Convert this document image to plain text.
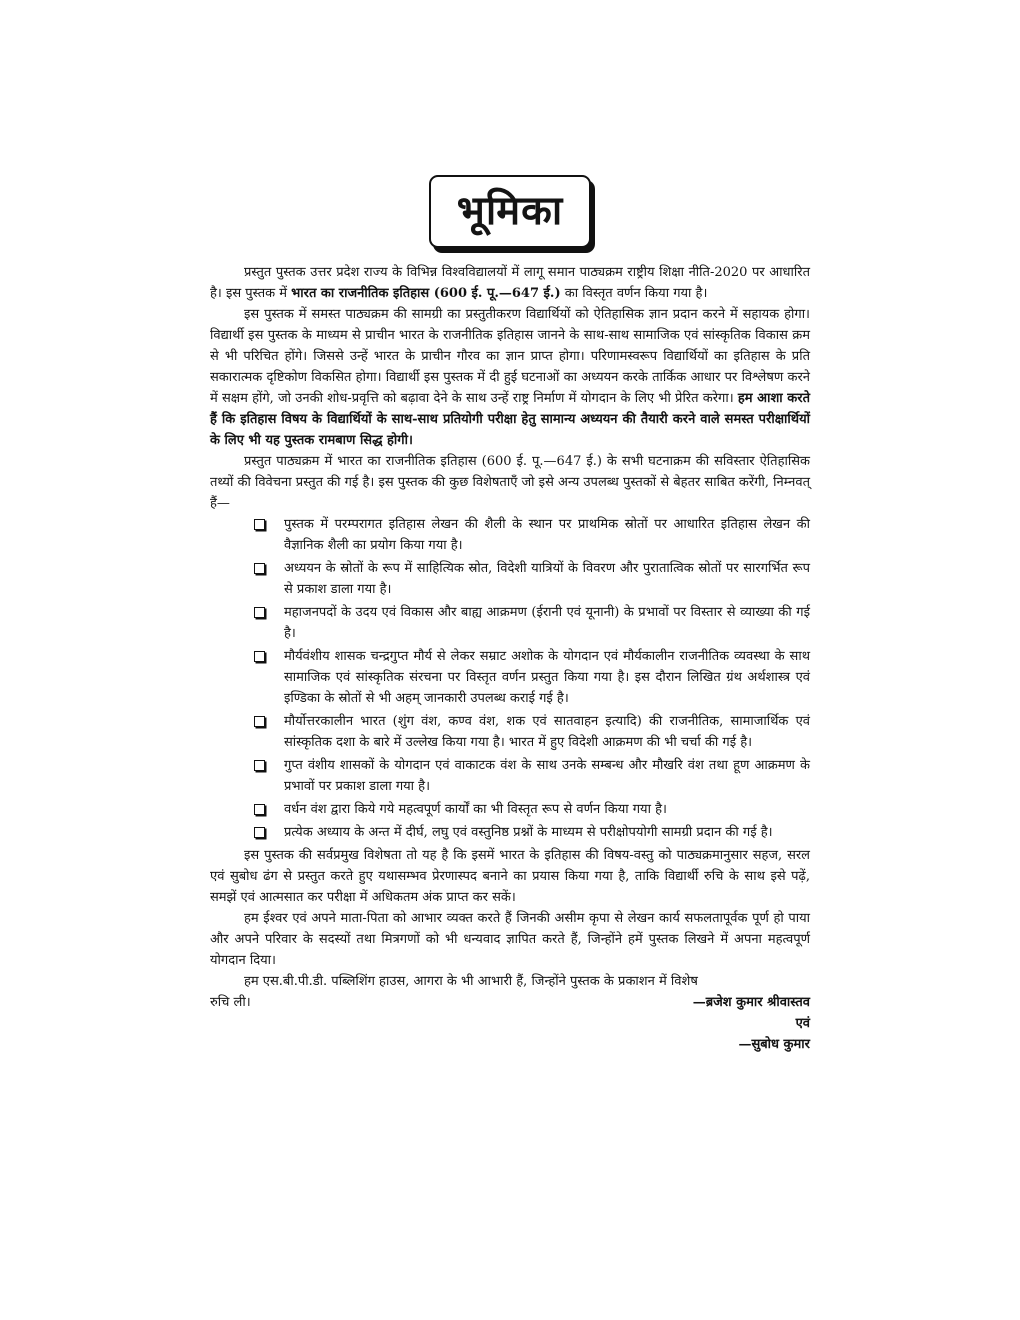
भूमिका

प्रस्तुत पुस्तक उत्तर प्रदेश राज्य के विभिन्न विश्वविद्यालयों में लागू समान पाठ्यक्रम राष्ट्रीय शिक्षा नीति-2020 पर आधारित है। इस पुस्तक में भारत का राजनीतिक इतिहास (600 ई. पू.—647 ई.) का विस्तृत वर्णन किया गया है।

इस पुस्तक में समस्त पाठ्यक्रम की सामग्री का प्रस्तुतीकरण विद्यार्थियों को ऐतिहासिक ज्ञान प्रदान करने में सहायक होगा। विद्यार्थी इस पुस्तक के माध्यम से प्राचीन भारत के राजनीतिक इतिहास जानने के साथ-साथ सामाजिक एवं सांस्कृतिक विकास क्रम से भी परिचित होंगे। जिससे उन्हें भारत के प्राचीन गौरव का ज्ञान प्राप्त होगा। परिणामस्वरूप विद्यार्थियों का इतिहास के प्रति सकारात्मक दृष्टिकोण विकसित होगा। विद्यार्थी इस पुस्तक में दी हुई घटनाओं का अध्ययन करके तार्किक आधार पर विश्लेषण करने में सक्षम होंगे, जो उनकी शोध-प्रवृत्ति को बढ़ावा देने के साथ उन्हें राष्ट्र निर्माण में योगदान के लिए भी प्रेरित करेगा। हम आशा करते हैं कि इतिहास विषय के विद्यार्थियों के साथ-साथ प्रतियोगी परीक्षा हेतु सामान्य अध्ययन की तैयारी करने वाले समस्त परीक्षार्थियों के लिए भी यह पुस्तक रामबाण सिद्ध होगी।

प्रस्तुत पाठ्यक्रम में भारत का राजनीतिक इतिहास (600 ई. पू.—647 ई.) के सभी घटनाक्रम की सविस्तार ऐतिहासिक तथ्यों की विवेचना प्रस्तुत की गई है। इस पुस्तक की कुछ विशेषताएँ जो इसे अन्य उपलब्ध पुस्तकों से बेहतर साबित करेंगी, निम्नवत् हैं—

पुस्तक में परम्परागत इतिहास लेखन की शैली के स्थान पर प्राथमिक स्रोतों पर आधारित इतिहास लेखन की वैज्ञानिक शैली का प्रयोग किया गया है।
अध्ययन के स्रोतों के रूप में साहित्यिक स्रोत, विदेशी यात्रियों के विवरण और पुरातात्विक स्रोतों पर सारगर्भित रूप से प्रकाश डाला गया है।
महाजनपदों के उदय एवं विकास और बाह्य आक्रमण (ईरानी एवं यूनानी) के प्रभावों पर विस्तार से व्याख्या की गई है।
मौर्यवंशीय शासक चन्द्रगुप्त मौर्य से लेकर सम्राट अशोक के योगदान एवं मौर्यकालीन राजनीतिक व्यवस्था के साथ सामाजिक एवं सांस्कृतिक संरचना पर विस्तृत वर्णन प्रस्तुत किया गया है। इस दौरान लिखित ग्रंथ अर्थशास्त्र एवं इण्डिका के स्रोतों से भी अहम् जानकारी उपलब्ध कराई गई है।
मौर्योत्तरकालीन भारत (शुंग वंश, कण्व वंश, शक एवं सातवाहन इत्यादि) की राजनीतिक, सामाजार्थिक एवं सांस्कृतिक दशा के बारे में उल्लेख किया गया है। भारत में हुए विदेशी आक्रमण की भी चर्चा की गई है।
गुप्त वंशीय शासकों के योगदान एवं वाकाटक वंश के साथ उनके सम्बन्ध और मौखरि वंश तथा हूण आक्रमण के प्रभावों पर प्रकाश डाला गया है।
वर्धन वंश द्वारा किये गये महत्वपूर्ण कार्यों का भी विस्तृत रूप से वर्णन किया गया है।
प्रत्येक अध्याय के अन्त में दीर्घ, लघु एवं वस्तुनिष्ठ प्रश्नों के माध्यम से परीक्षोपयोगी सामग्री प्रदान की गई है।

इस पुस्तक की सर्वप्रमुख विशेषता तो यह है कि इसमें भारत के इतिहास की विषय-वस्तु को पाठ्यक्रमानुसार सहज, सरल एवं सुबोध ढंग से प्रस्तुत करते हुए यथासम्भव प्रेरणास्पद बनाने का प्रयास किया गया है, ताकि विद्यार्थी रुचि के साथ इसे पढ़ें, समझें एवं आत्मसात कर परीक्षा में अधिकतम अंक प्राप्त कर सकें।

हम ईश्वर एवं अपने माता-पिता को आभार व्यक्त करते हैं जिनकी असीम कृपा से लेखन कार्य सफलतापूर्वक पूर्ण हो पाया और अपने परिवार के सदस्यों तथा मित्रगणों को भी धन्यवाद ज्ञापित करते हैं, जिन्होंने हमें पुस्तक लिखने में अपना महत्वपूर्ण योगदान दिया।

हम एस.बी.पी.डी. पब्लिशिंग हाउस, आगरा के भी आभारी हैं, जिन्होंने पुस्तक के प्रकाशन में विशेष
रुचि ली।	—ब्रजेश कुमार श्रीवास्तव
एवं
—सुबोध कुमार
